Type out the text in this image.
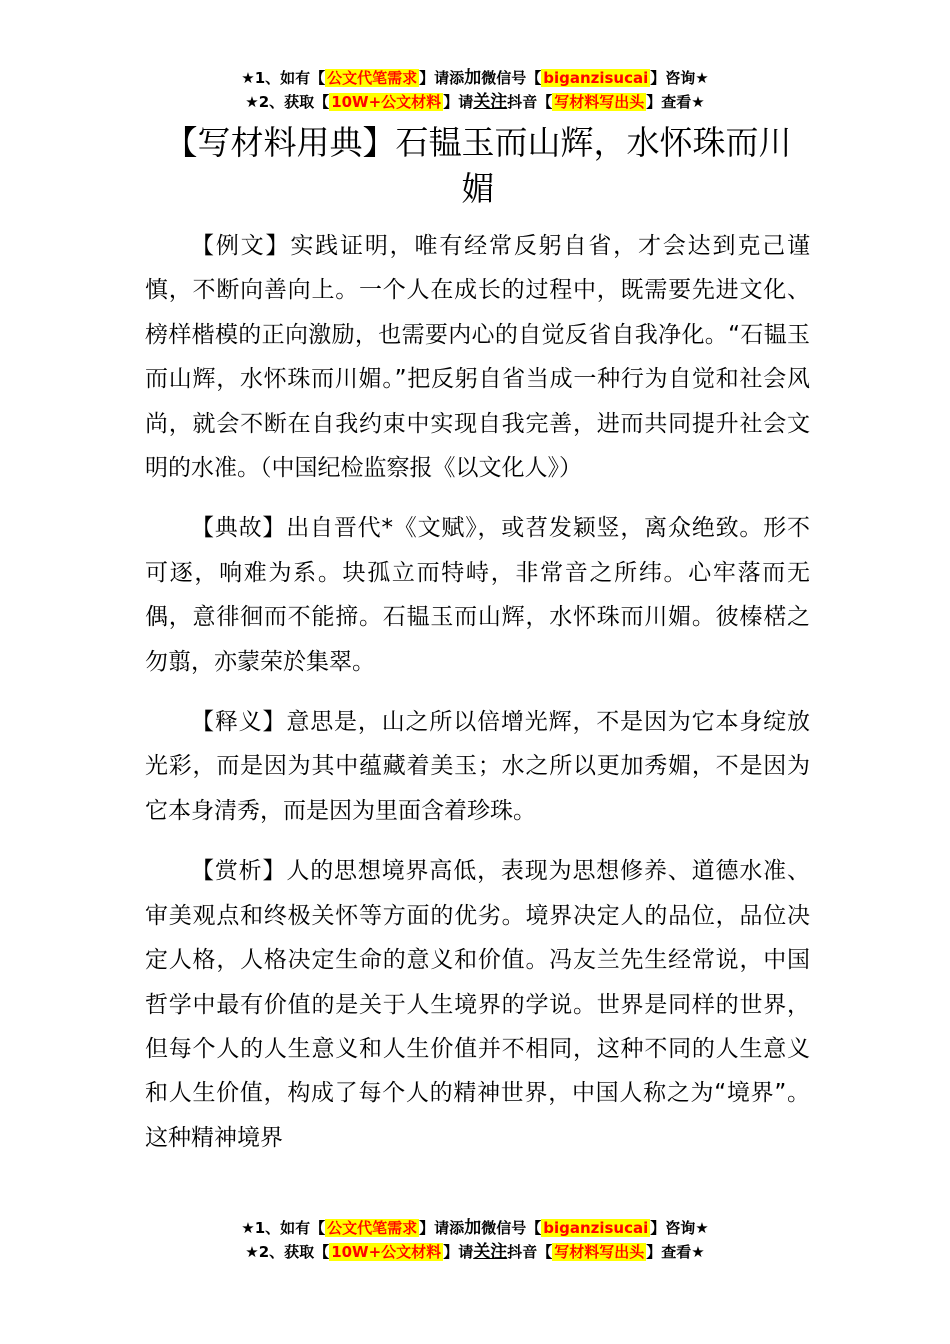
★1、如有【 公文代笔需求 】请添加微信号【 biganzisucai 】咨询★
★2、获取【 10W+公文材料 】请关注抖音【 写材料写出头 】查看★
【写材料用典】石韫玉而山辉，水怀珠而川
媚

【例文】实践证明，唯有经常反躬自省，才会达到克己谨慎，不断向善向上。一个人在成长的过程中，既需要先进文化、榜样楷模的正向激励，也需要内心的自觉反省自我净化。“石韫玉而山辉，水怀珠而川媚。”把反躬自省当成一种行为自觉和社会风尚，就会不断在自我约束中实现自我完善，进而共同提升社会文明的水准。（中国纪检监察报《以文化人》）

【典故】出自晋代*《文赋》，或苕发颖竖，离众绝致。形不可逐，响难为系。块孤立而特峙，非常音之所纬。心牢落而无偶，意徘徊而不能揥。石韫玉而山辉，水怀珠而川媚。彼榛楛之勿翦，亦蒙荣於集翠。

【释义】意思是，山之所以倍增光辉，不是因为它本身绽放光彩，而是因为其中蕴藏着美玉；水之所以更加秀媚，不是因为它本身清秀，而是因为里面含着珍珠。

【赏析】人的思想境界高低，表现为思想修养、道德水准、审美观点和终极关怀等方面的优劣。境界决定人的品位，品位决定人格，人格决定生命的意义和价值。冯友兰先生经常说，中国哲学中最有价值的是关于人生境界的学说。世界是同样的世界，但每个人的人生意义和人生价值并不相同，这种不同的人生意义和人生价值，构成了每个人的精神世界，中国人称之为“境界”。这种精神境界

★1、如有【 公文代笔需求 】请添加微信号【 biganzisucai 】咨询★
★2、获取【 10W+公文材料 】请关注抖音【 写材料写出头 】查看★
